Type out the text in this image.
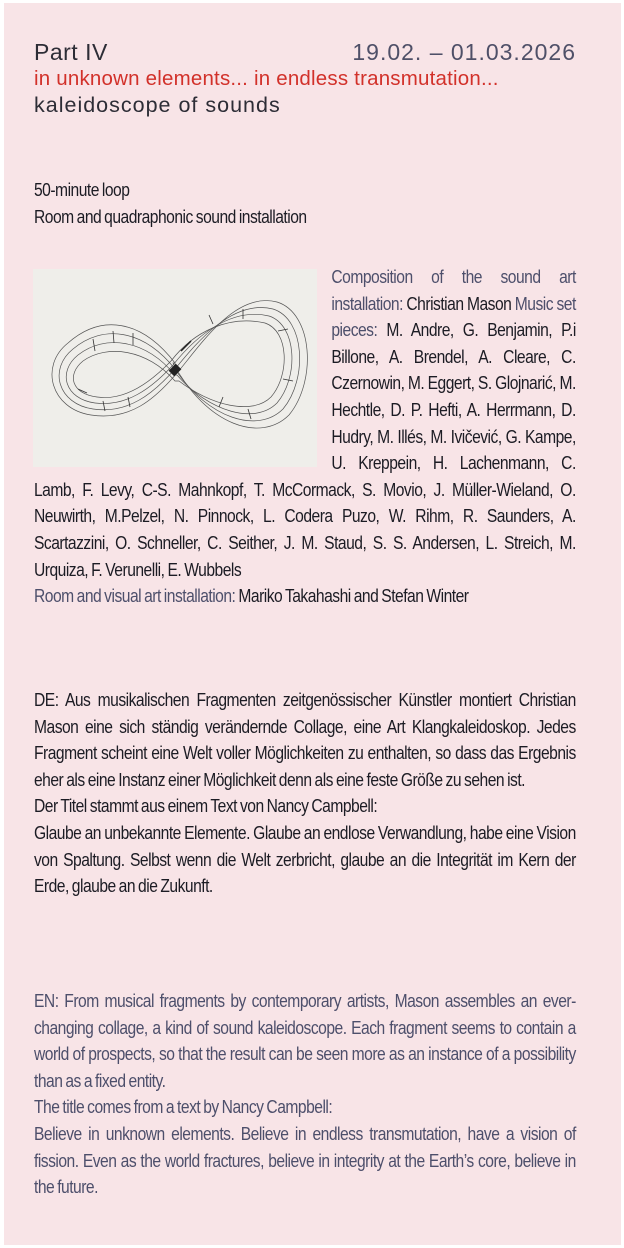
Part IV	19.02. – 01.03.2026
in unknown elements... in endless transmutation...
kaleidoscope of sounds

50-minute loop

Room and quadraphonic sound installation

Composition of the sound art installation: Christian Mason Music set pieces: M. Andre, G. Benjamin, P.i Billone, A. Brendel, A. Cleare, C. Czernowin, M. Eggert, S. Glojnarić, M. Hechtle, D. P. Hefti, A. Herrmann, D. Hudry, M. Illés, M. Ivičević, G. Kampe, U. Kreppein, H. Lachenmann, C. Lamb, F. Levy, C-S. Mahnkopf, T. McCormack, S. Movio, J. Müller-Wieland, O. Neuwirth, M.Pelzel, N. Pinnock, L. Codera Puzo, W. Rihm, R. Saunders, A. Scartazzini, O. Schneller, C. Seither, J. M. Staud, S. S. Andersen, L. Streich, M. Urquiza, F. Verunelli, E. Wubbels
Room and visual art installation: Mariko Takahashi and Stefan Winter

DE: Aus musikalischen Fragmenten zeitgenössischer Künstler montiert Christian Mason eine sich ständig verändernde Collage, eine Art Klangkaleidoskop. Jedes Fragment scheint eine Welt voller Möglichkeiten zu enthalten, so dass das Ergebnis eher als eine Instanz einer Möglichkeit denn als eine feste Größe zu sehen ist.

Der Titel stammt aus einem Text von Nancy Campbell:

Glaube an unbekannte Elemente. Glaube an endlose Verwandlung, habe eine Vision von Spaltung. Selbst wenn die Welt zerbricht, glaube an die Integrität im Kern der Erde, glaube an die Zukunft.

EN: From musical fragments by contemporary artists, Mason assembles an ever-changing collage, a kind of sound kaleidoscope. Each fragment seems to contain a world of prospects, so that the result can be seen more as an instance of a possibility than as a fixed entity.

The title comes from a text by Nancy Campbell:

Believe in unknown elements. Believe in endless transmutation, have a vision of fission. Even as the world fractures, believe in integrity at the Earth’s core, believe in the future.
